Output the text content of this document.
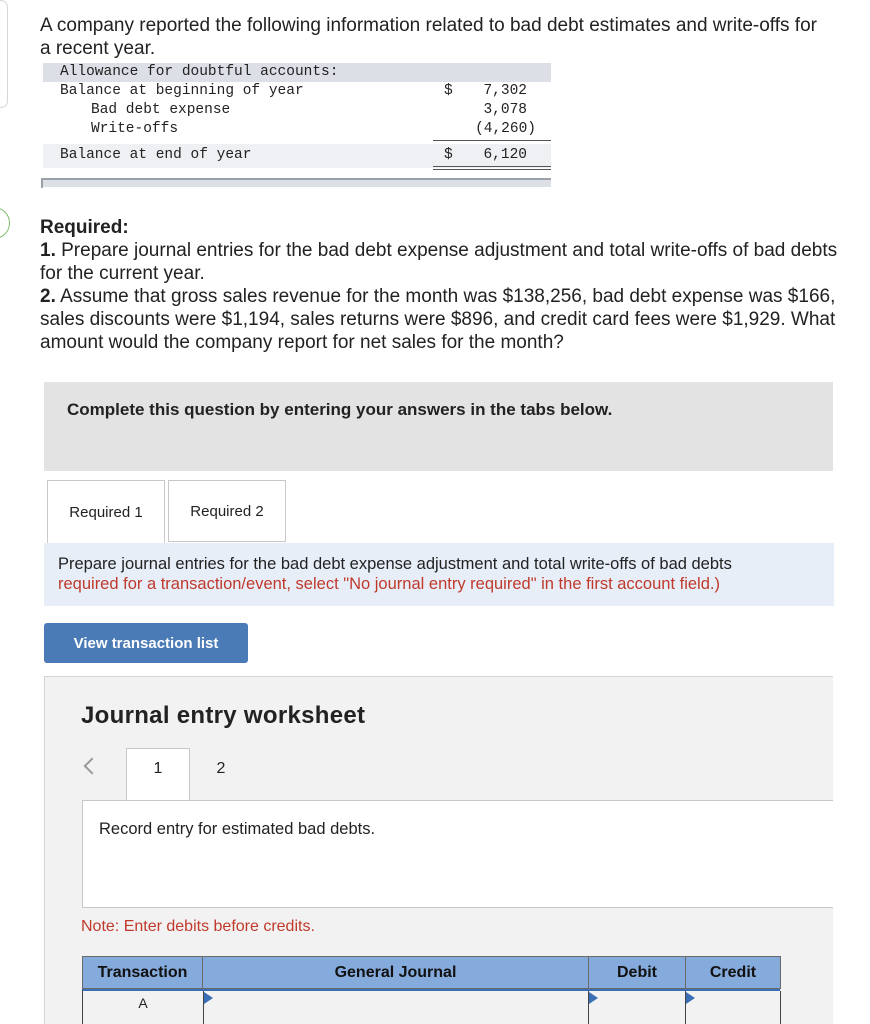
A company reported the following information related to bad debt estimates and write-offs for a recent year.

Allowance for doubtful accounts:
Balance at beginning of year	$ 7,302
Bad debt expense	3,078
Write-offs	(4,260)
Balance at end of year	$ 6,120
Required:
1. Prepare journal entries for the bad debt expense adjustment and total write-offs of bad debts for the current year.
2. Assume that gross sales revenue for the month was $138,256, bad debt expense was $166, sales discounts were $1,194, sales returns were $896, and credit card fees were $1,929. What amount would the company report for net sales for the month?
Complete this question by entering your answers in the tabs below.
Required 1	Required 2
Prepare journal entries for the bad debt expense adjustment and total write-offs of bad debts
required for a transaction/event, select "No journal entry required" in the first account field.)
View transaction list
Journal entry worksheet
1	2
Record entry for estimated bad debts.
Note: Enter debits before credits.
Transaction	General Journal	Debit	Credit
A
